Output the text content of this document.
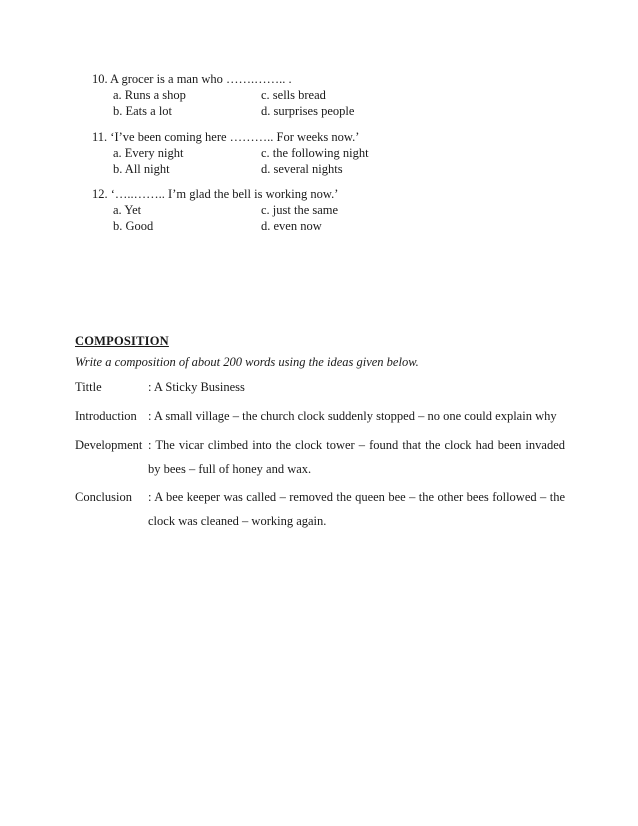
10. A grocer is a man who …….…….. .
a. Runs a shop	c. sells bread
b. Eats a lot	d. surprises people
11. ‘I’ve been coming here ……….. For weeks now.’
a. Every night	c. the following night
b. All night	d. several nights
12. ‘…..…….. I’m glad the bell is working now.’
a. Yet	c. just the same
b. Good	d. even now
COMPOSITION
Write a composition of about 200 words using the ideas given below.
Tittle	: A Sticky Business
Introduction : A small village – the church clock suddenly stopped – no one could explain why
Development : The vicar climbed into the clock tower – found that the clock had been invaded by bees – full of honey and wax.
Conclusion : A bee keeper was called – removed the queen bee – the other bees followed – the clock was cleaned – working again.
